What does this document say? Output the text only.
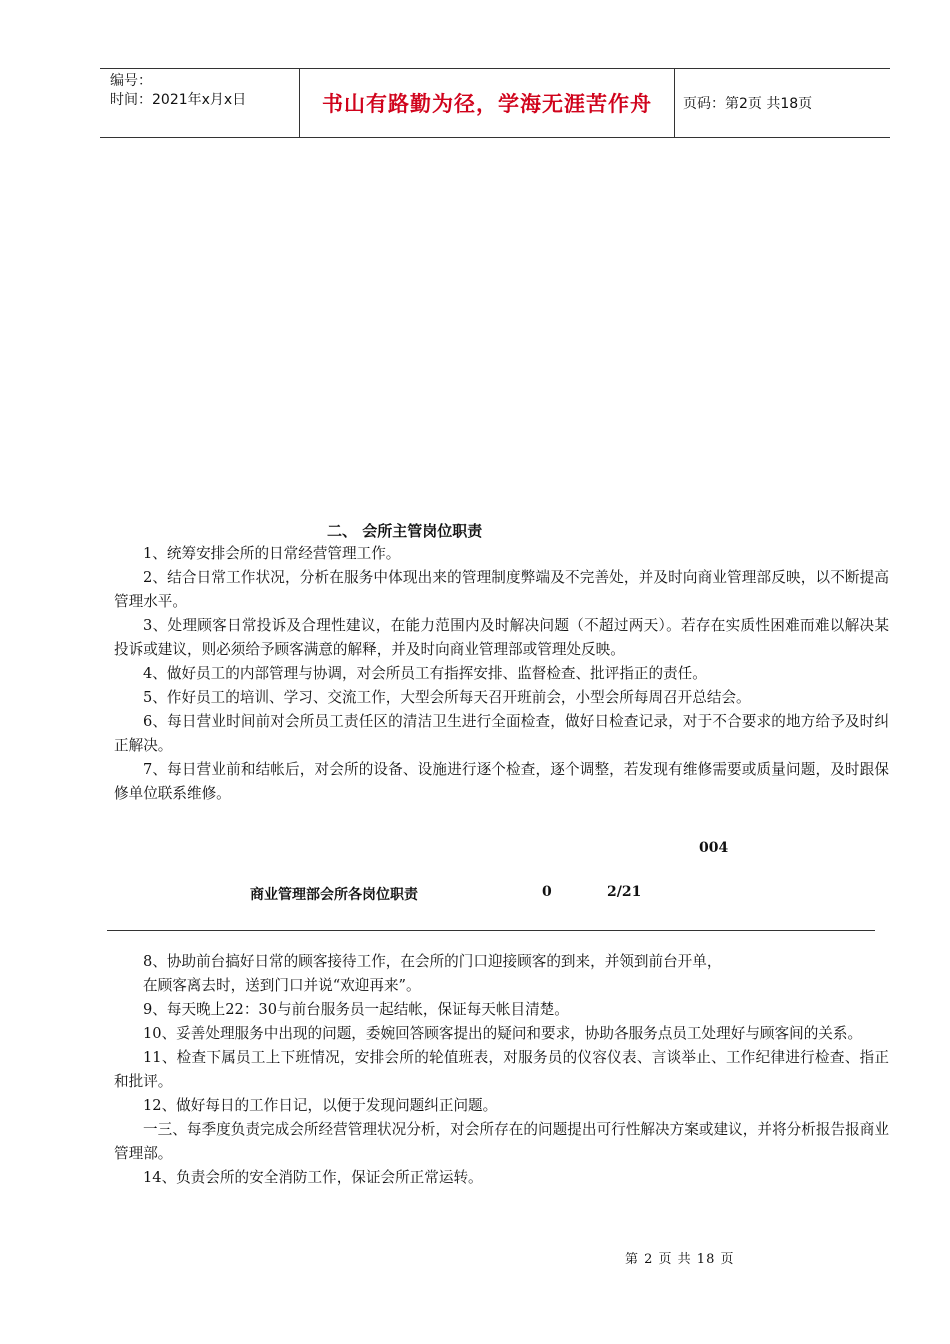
编号：
时间：2021年x月x日	书山有路勤为径，学海无涯苦作舟	页码：第2页 共18页
二、 会所主管岗位职责

1、统筹安排会所的日常经营管理工作。

2、结合日常工作状况，分析在服务中体现出来的管理制度弊端及不完善处，并及时向商业管理部反映，以不断提高管理水平。

3、处理顾客日常投诉及合理性建议，在能力范围内及时解决问题（不超过两天）。若存在实质性困难而难以解决某投诉或建议，则必须给予顾客满意的解释，并及时向商业管理部或管理处反映。

4、做好员工的内部管理与协调，对会所员工有指挥安排、监督检查、批评指正的责任。

5、作好员工的培训、学习、交流工作，大型会所每天召开班前会，小型会所每周召开总结会。

6、每日营业时间前对会所员工责任区的清洁卫生进行全面检查，做好日检查记录，对于不合要求的地方给予及时纠正解决。

7、每日营业前和结帐后，对会所的设备、设施进行逐个检查，逐个调整，若发现有维修需要或质量问题，及时跟保修单位联系维修。

004
商业管理部会所各岗位职责	0	2/21

8、协助前台搞好日常的顾客接待工作，在会所的门口迎接顾客的到来，并领到前台开单，

在顾客离去时，送到门口并说“欢迎再来”。

9、每天晚上22：30与前台服务员一起结帐，保证每天帐目清楚。

10、妥善处理服务中出现的问题，委婉回答顾客提出的疑问和要求，协助各服务点员工处理好与顾客间的关系。

11、检查下属员工上下班情况，安排会所的轮值班表，对服务员的仪容仪表、言谈举止、工作纪律进行检查、指正和批评。

12、做好每日的工作日记，以便于发现问题纠正问题。

一三、每季度负责完成会所经营管理状况分析，对会所存在的问题提出可行性解决方案或建议，并将分析报告报商业管理部。

14、负责会所的安全消防工作，保证会所正常运转。

第 2 页 共 18 页
